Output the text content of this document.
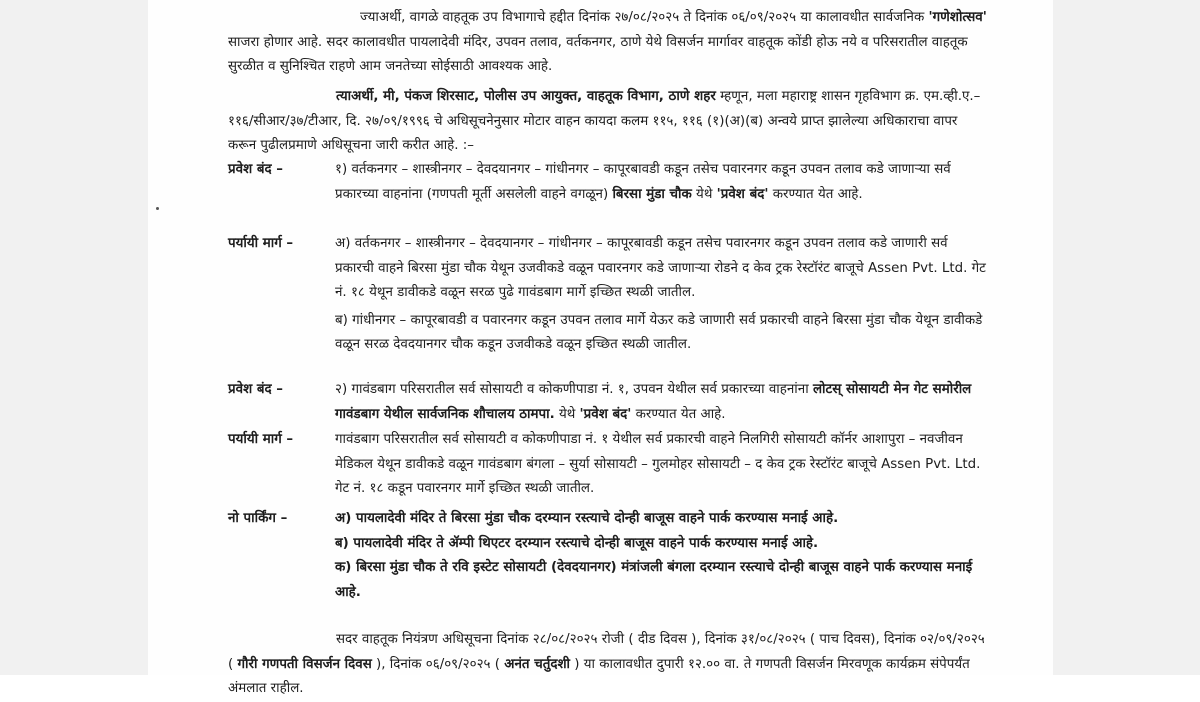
ज्याअर्थी, वागळे वाहतूक उप विभागाचे हद्दीत दिनांक २७/०८/२०२५ ते दिनांक ०६/०९/२०२५ या कालावधीत सार्वजनिक 'गणेशोत्सव' साजरा होणार आहे. सदर कालावधीत पायलादेवी मंदिर, उपवन तलाव, वर्तकनगर, ठाणे येथे विसर्जन मार्गावर वाहतूक कोंडी होऊ नये व परिसरातील वाहतूक सुरळीत व सुनिश्चित राहणे आम जनतेच्या सोईसाठी आवश्यक आहे.

त्याअर्थी, मी, पंकज शिरसाट, पोलीस उप आयुक्त, वाहतूक विभाग, ठाणे शहर म्हणून, मला महाराष्ट्र शासन गृहविभाग क्र. एम.व्ही.ए.–११६/सीआर/३७/टीआर, दि. २७/०९/१९९६ चे अधिसूचनेनुसार मोटार वाहन कायदा कलम ११५, ११६ (१)(अ)(ब) अन्वये प्राप्त झालेल्या अधिकाराचा वापर करून पुढीलप्रमाणे अधिसूचना जारी करीत आहे. :–

प्रवेश बंद –	१) वर्तकनगर – शास्त्रीनगर – देवदयानगर – गांधीनगर – कापूरबावडी कडून तसेच पवारनगर कडून उपवन तलाव कडे जाणाऱ्या सर्व प्रकारच्या वाहनांना (गणपती मूर्ती असलेली वाहने वगळून) बिरसा मुंडा चौक येथे 'प्रवेश बंद' करण्यात येत आहे.
पर्यायी मार्ग –	अ) वर्तकनगर – शास्त्रीनगर – देवदयानगर – गांधीनगर – कापूरबावडी कडून तसेच पवारनगर कडून उपवन तलाव कडे जाणारी सर्व प्रकारची वाहने बिरसा मुंडा चौक येथून उजवीकडे वळून पवारनगर कडे जाणाऱ्या रोडने द केव ट्रक रेस्टॉरंट बाजूचे Assen Pvt. Ltd. गेट नं. १८ येथून डावीकडे वळून सरळ पुढे गावंडबाग मार्गे इच्छित स्थळी जातील.
ब) गांधीनगर – कापूरबावडी व पवारनगर कडून उपवन तलाव मार्गे येऊर कडे जाणारी सर्व प्रकारची वाहने बिरसा मुंडा चौक येथून डावीकडे वळून सरळ देवदयानगर चौक कडून उजवीकडे वळून इच्छित स्थळी जातील.
प्रवेश बंद –	२) गावंडबाग परिसरातील सर्व सोसायटी व कोकणीपाडा नं. १, उपवन येथील सर्व प्रकारच्या वाहनांना लोटस् सोसायटी मेन गेट समोरील गावंडबाग येथील सार्वजनिक शौचालय ठामपा. येथे 'प्रवेश बंद' करण्यात येत आहे.
पर्यायी मार्ग –	गावंडबाग परिसरातील सर्व सोसायटी व कोकणीपाडा नं. १ येथील सर्व प्रकारची वाहने निलगिरी सोसायटी कॉर्नर आशापुरा – नवजीवन मेडिकल येथून डावीकडे वळून गावंडबाग बंगला – सुर्या सोसायटी – गुलमोहर सोसायटी – द केव ट्रक रेस्टॉरंट बाजूचे Assen Pvt. Ltd. गेट नं. १८ कडून पवारनगर मार्गे इच्छित स्थळी जातील.
नो पार्किंग –	अ) पायलादेवी मंदिर ते बिरसा मुंडा चौक दरम्यान रस्त्याचे दोन्ही बाजूस वाहने पार्क करण्यास मनाई आहे.
ब) पायलादेवी मंदिर ते ॲम्पी थिएटर दरम्यान रस्त्याचे दोन्ही बाजूस वाहने पार्क करण्यास मनाई आहे.
क) बिरसा मुंडा चौक ते रवि इस्टेट सोसायटी (देवदयानगर) मंत्रांजली बंगला दरम्यान रस्त्याचे दोन्ही बाजूस वाहने पार्क करण्यास मनाई आहे.

सदर वाहतूक नियंत्रण अधिसूचना दिनांक २८/०८/२०२५ रोजी ( दीड दिवस ), दिनांक ३१/०८/२०२५ ( पाच दिवस), दिनांक ०२/०९/२०२५ ( गौरी गणपती विसर्जन दिवस ), दिनांक ०६/०९/२०२५ ( अनंत चर्तुदशी ) या कालावधीत दुपारी १२.०० वा. ते गणपती विसर्जन मिरवणूक कार्यक्रम संपेपर्यंत अंमलात राहील.
